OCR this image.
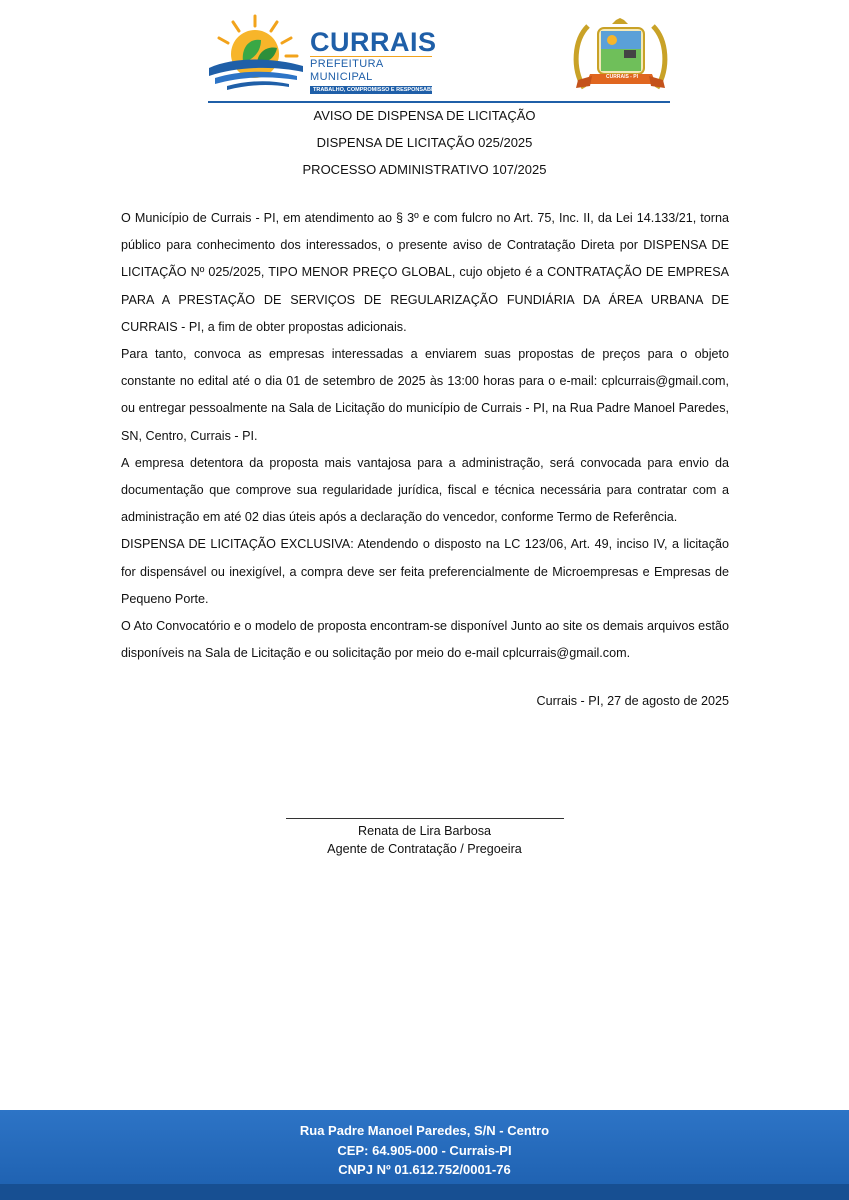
CURRAIS
PREFEITURA MUNICIPAL
TRABALHO, COMPROMISSO E RESPONSABILIDADE
CURRAIS - PI
AVISO DE DISPENSA DE LICITAÇÃO
DISPENSA DE LICITAÇÃO 025/2025
PROCESSO ADMINISTRATIVO 107/2025

O Município de Currais - PI, em atendimento ao § 3º e com fulcro no Art. 75, Inc. II, da Lei 14.133/21, torna público para conhecimento dos interessados, o presente aviso de Contratação Direta por DISPENSA DE LICITAÇÃO Nº 025/2025, TIPO MENOR PREÇO GLOBAL, cujo objeto é a CONTRATAÇÃO DE EMPRESA PARA A PRESTAÇÃO DE SERVIÇOS DE REGULARIZAÇÃO FUNDIÁRIA DA ÁREA URBANA DE CURRAIS - PI, a fim de obter propostas adicionais.

Para tanto, convoca as empresas interessadas a enviarem suas propostas de preços para o objeto constante no edital até o dia 01 de setembro de 2025 às 13:00 horas para o e-mail: cplcurrais@gmail.com, ou entregar pessoalmente na Sala de Licitação do município de Currais - PI, na Rua Padre Manoel Paredes, SN, Centro, Currais - PI.

A empresa detentora da proposta mais vantajosa para a administração, será convocada para envio da documentação que comprove sua regularidade jurídica, fiscal e técnica necessária para contratar com a administração em até 02 dias úteis após a declaração do vencedor, conforme Termo de Referência.

DISPENSA DE LICITAÇÃO EXCLUSIVA: Atendendo o disposto na LC 123/06, Art. 49, inciso IV, a licitação for dispensável ou inexigível, a compra deve ser feita preferencialmente de Microempresas e Empresas de Pequeno Porte.

O Ato Convocatório e o modelo de proposta encontram-se disponível Junto ao site os demais arquivos estão disponíveis na Sala de Licitação e ou solicitação por meio do e-mail cplcurrais@gmail.com.

Currais - PI, 27 de agosto de 2025
Renata de Lira Barbosa
Agente de Contratação / Pregoeira
Rua Padre Manoel Paredes, S/N - Centro
CEP: 64.905-000 - Currais-PI
CNPJ Nº 01.612.752/0001-76
